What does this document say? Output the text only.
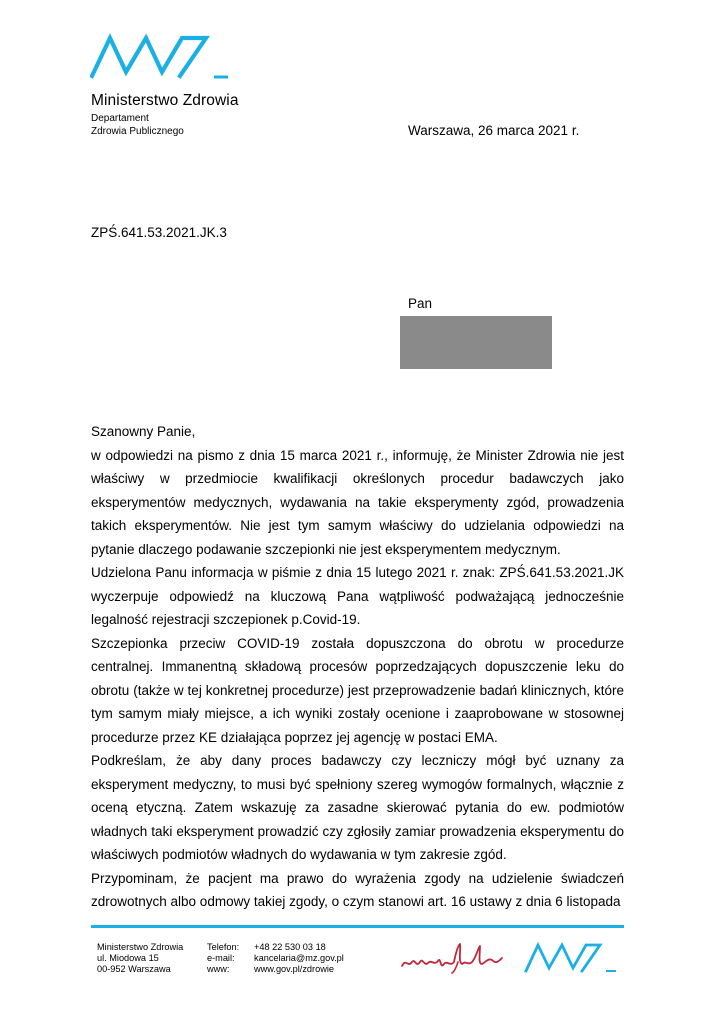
Ministerstwo Zdrowia
Departament
Zdrowia Publicznego	Warszawa, 26 marca 2021 r.
ZPŚ.641.53.2021.JK.3
Pan

Szanowny Panie,

w odpowiedzi na pismo z dnia 15 marca 2021 r., informuję, że Minister Zdrowia nie jest właściwy w przedmiocie kwalifikacji określonych procedur badawczych jako eksperymentów medycznych, wydawania na takie eksperymenty zgód, prowadzenia takich eksperymentów. Nie jest tym samym właściwy do udzielania odpowiedzi na pytanie dlaczego podawanie szczepionki nie jest eksperymentem medycznym.

Udzielona Panu informacja w piśmie z dnia 15 lutego 2021 r. znak: ZPŚ.641.53.2021.JK wyczerpuje odpowiedź na kluczową Pana wątpliwość podważającą jednocześnie legalność rejestracji szczepionek p.Covid-19.

Szczepionka przeciw COVID-19 została dopuszczona do obrotu w procedurze centralnej. Immanentną składową procesów poprzedzających dopuszczenie leku do obrotu (także w tej konkretnej procedurze) jest przeprowadzenie badań klinicznych, które tym samym miały miejsce, a ich wyniki zostały ocenione i zaaprobowane w stosownej procedurze przez KE działająca poprzez jej agencję w postaci EMA.

Podkreślam, że aby dany proces badawczy czy leczniczy mógł być uznany za eksperyment medyczny, to musi być spełniony szereg wymogów formalnych, włącznie z oceną etyczną. Zatem wskazuję za zasadne skierować pytania do ew. podmiotów władnych taki eksperyment prowadzić czy zgłosiły zamiar prowadzenia eksperymentu do właściwych podmiotów władnych do wydawania w tym zakresie zgód.

Przypominam, że pacjent ma prawo do wyrażenia zgody na udzielenie świadczeń zdrowotnych albo odmowy takiej zgody, o czym stanowi art. 16 ustawy z dnia 6 listopada

Ministerstwo Zdrowia
ul. Miodowa 15
00-952 Warszawa
Telefon:	+48 22 530 03 18
e-mail:	kancelaria@mz.gov.pl
www:	www.gov.pl/zdrowie
